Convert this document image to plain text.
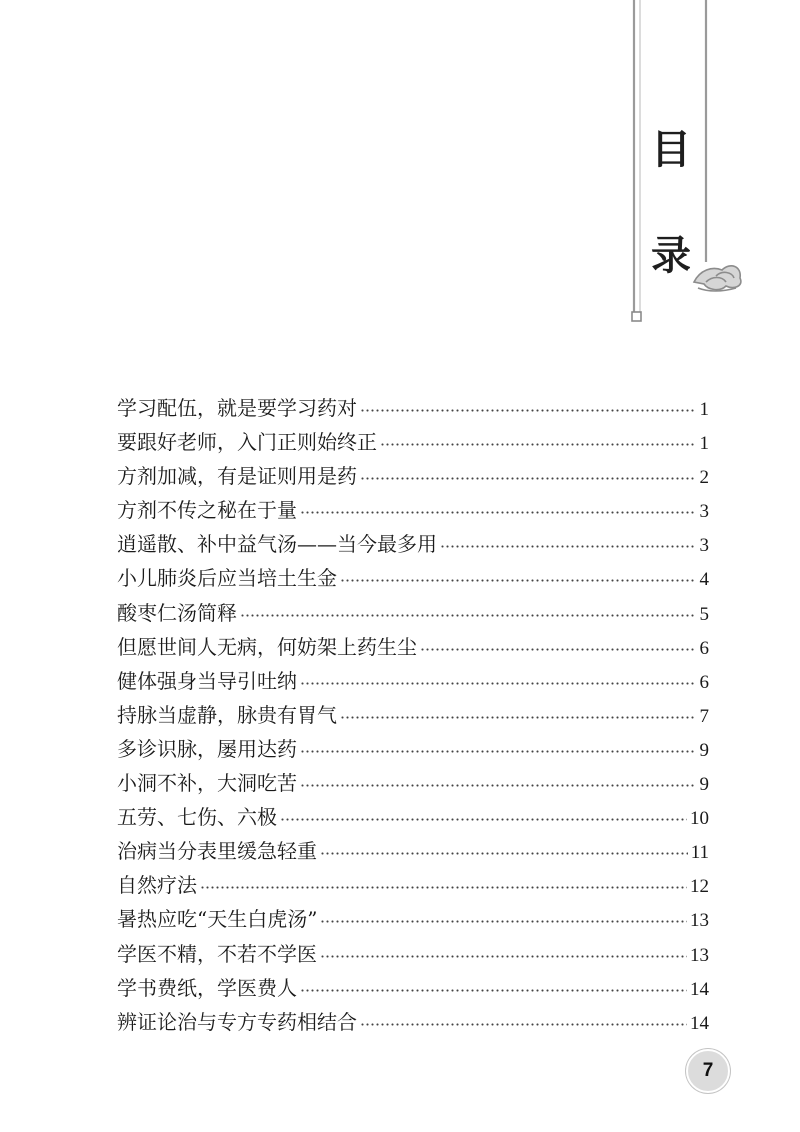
目
录
学习配伍，就是要学习药对	1
要跟好老师，入门正则始终正	1
方剂加减，有是证则用是药	2
方剂不传之秘在于量	3
逍遥散、补中益气汤——当今最多用	3
小儿肺炎后应当培土生金	4
酸枣仁汤简释	5
但愿世间人无病，何妨架上药生尘	6
健体强身当导引吐纳	6
持脉当虚静，脉贵有胃气	7
多诊识脉，屡用达药	9
小洞不补，大洞吃苦	9
五劳、七伤、六极	10
治病当分表里缓急轻重	11
自然疗法	12
暑热应吃“天生白虎汤”	13
学医不精，不若不学医	13
学书费纸，学医费人	14
辨证论治与专方专药相结合	14
7
